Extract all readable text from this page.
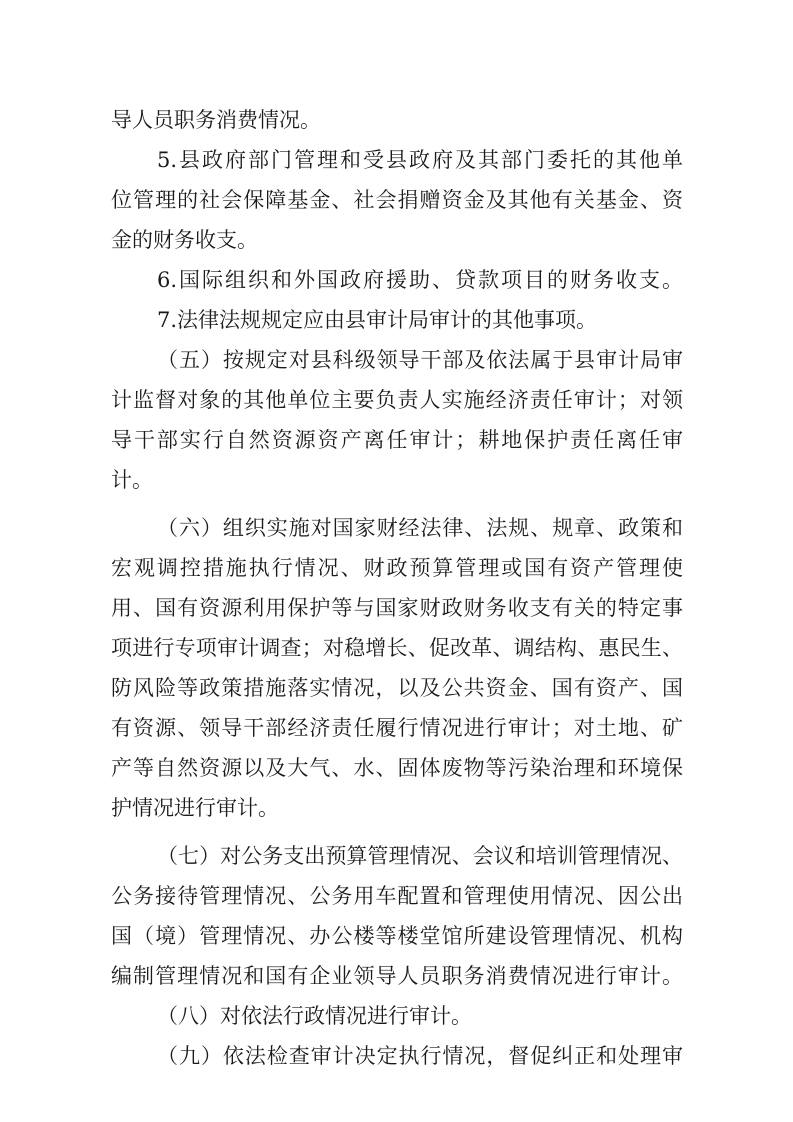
导人员职务消费情况。
5.县政府部门管理和受县政府及其部门委托的其他单
位管理的社会保障基金、社会捐赠资金及其他有关基金、资
金的财务收支。
6.国际组织和外国政府援助、贷款项目的财务收支。
7.法律法规规定应由县审计局审计的其他事项。
（五）按规定对县科级领导干部及依法属于县审计局审
计监督对象的其他单位主要负责人实施经济责任审计；对领
导干部实行自然资源资产离任审计；耕地保护责任离任审
计。
（六）组织实施对国家财经法律、法规、规章、政策和
宏观调控措施执行情况、财政预算管理或国有资产管理使
用、国有资源利用保护等与国家财政财务收支有关的特定事
项进行专项审计调查；对稳增长、促改革、调结构、惠民生、
防风险等政策措施落实情况，以及公共资金、国有资产、国
有资源、领导干部经济责任履行情况进行审计；对土地、矿
产等自然资源以及大气、水、固体废物等污染治理和环境保
护情况进行审计。
（七）对公务支出预算管理情况、会议和培训管理情况、
公务接待管理情况、公务用车配置和管理使用情况、因公出
国（境）管理情况、办公楼等楼堂馆所建设管理情况、机构
编制管理情况和国有企业领导人员职务消费情况进行审计。
（八）对依法行政情况进行审计。
（九）依法检查审计决定执行情况，督促纠正和处理审
